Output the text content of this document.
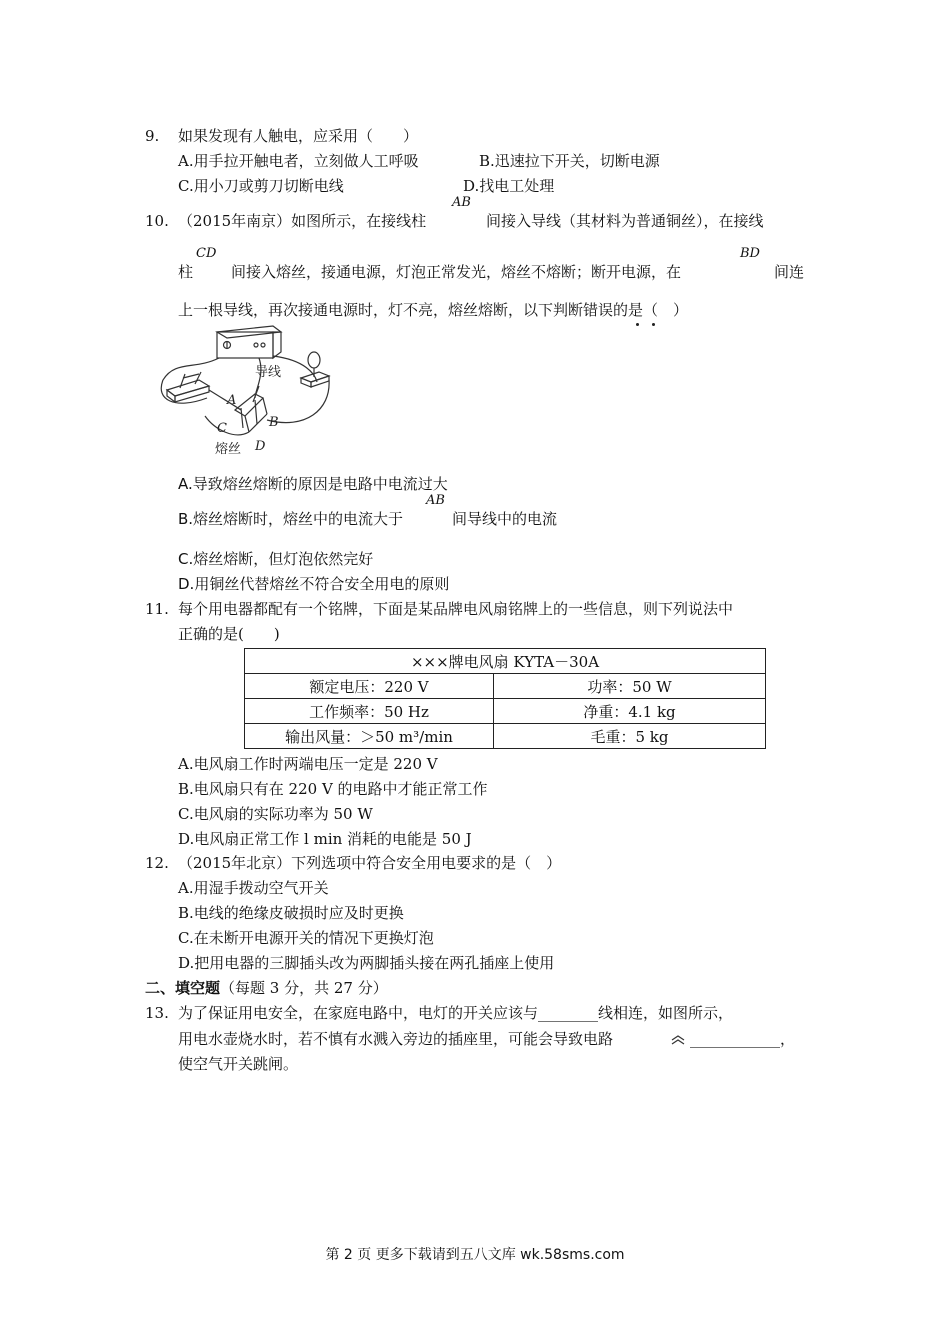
9. 如果发现有人触电，应采用（　　）
A.用手拉开触电者，立刻做人工呼吸	B.迅速拉下开关，切断电源
C.用小刀或剪刀切断电线	D.找电工处理
10. （2015年南京）如图所示，在接线柱
AB
间接入导线（其材料为普通铜丝），在接线
柱
CD
间接入熔丝，接通电源，灯泡正常发光，熔丝不熔断；断开电源，在
BD
间连
上一根导线，再次接通电源时，灯不亮，熔丝熔断，以下判断错误的是（　）
导线
A
B
C
D
熔丝
A.导致熔丝熔断的原因是电路中电流过大
B.熔丝熔断时，熔丝中的电流大于
AB
间导线中的电流
C.熔丝熔断，但灯泡依然完好
D.用铜丝代替熔丝不符合安全用电的原则
11. 每个用电器都配有一个铭牌，下面是某品牌电风扇铭牌上的一些信息，则下列说法中
正确的是(　　)
×××牌电风扇 KYTA－30A	
额定电压：220 V	功率：50 W
工作频率：50 Hz	净重：4.1 kg
输出风量：＞50 m³/min	毛重：5 kg
A.电风扇工作时两端电压一定是 220 V
B.电风扇只有在 220 V 的电路中才能正常工作
C.电风扇的实际功率为 50 W
D.电风扇正常工作 l min 消耗的电能是 50 J
12. （2015年北京）下列选项中符合安全用电要求的是（　）
A.用湿手拨动空气开关
B.电线的绝缘皮破损时应及时更换
C.在未断开电源开关的情况下更换灯泡
D.把用电器的三脚插头改为两脚插头接在两孔插座上使用
二、填空题（每题 3 分，共 27 分）
13. 为了保证用电安全，在家庭电路中，电灯的开关应该与________线相连，如图所示，
用电水壶烧水时，若不慎有水溅入旁边的插座里，可能会导致电路	____________，
使空气开关跳闸。
第 2 页 更多下载请到五八文库 wk.58sms.com
